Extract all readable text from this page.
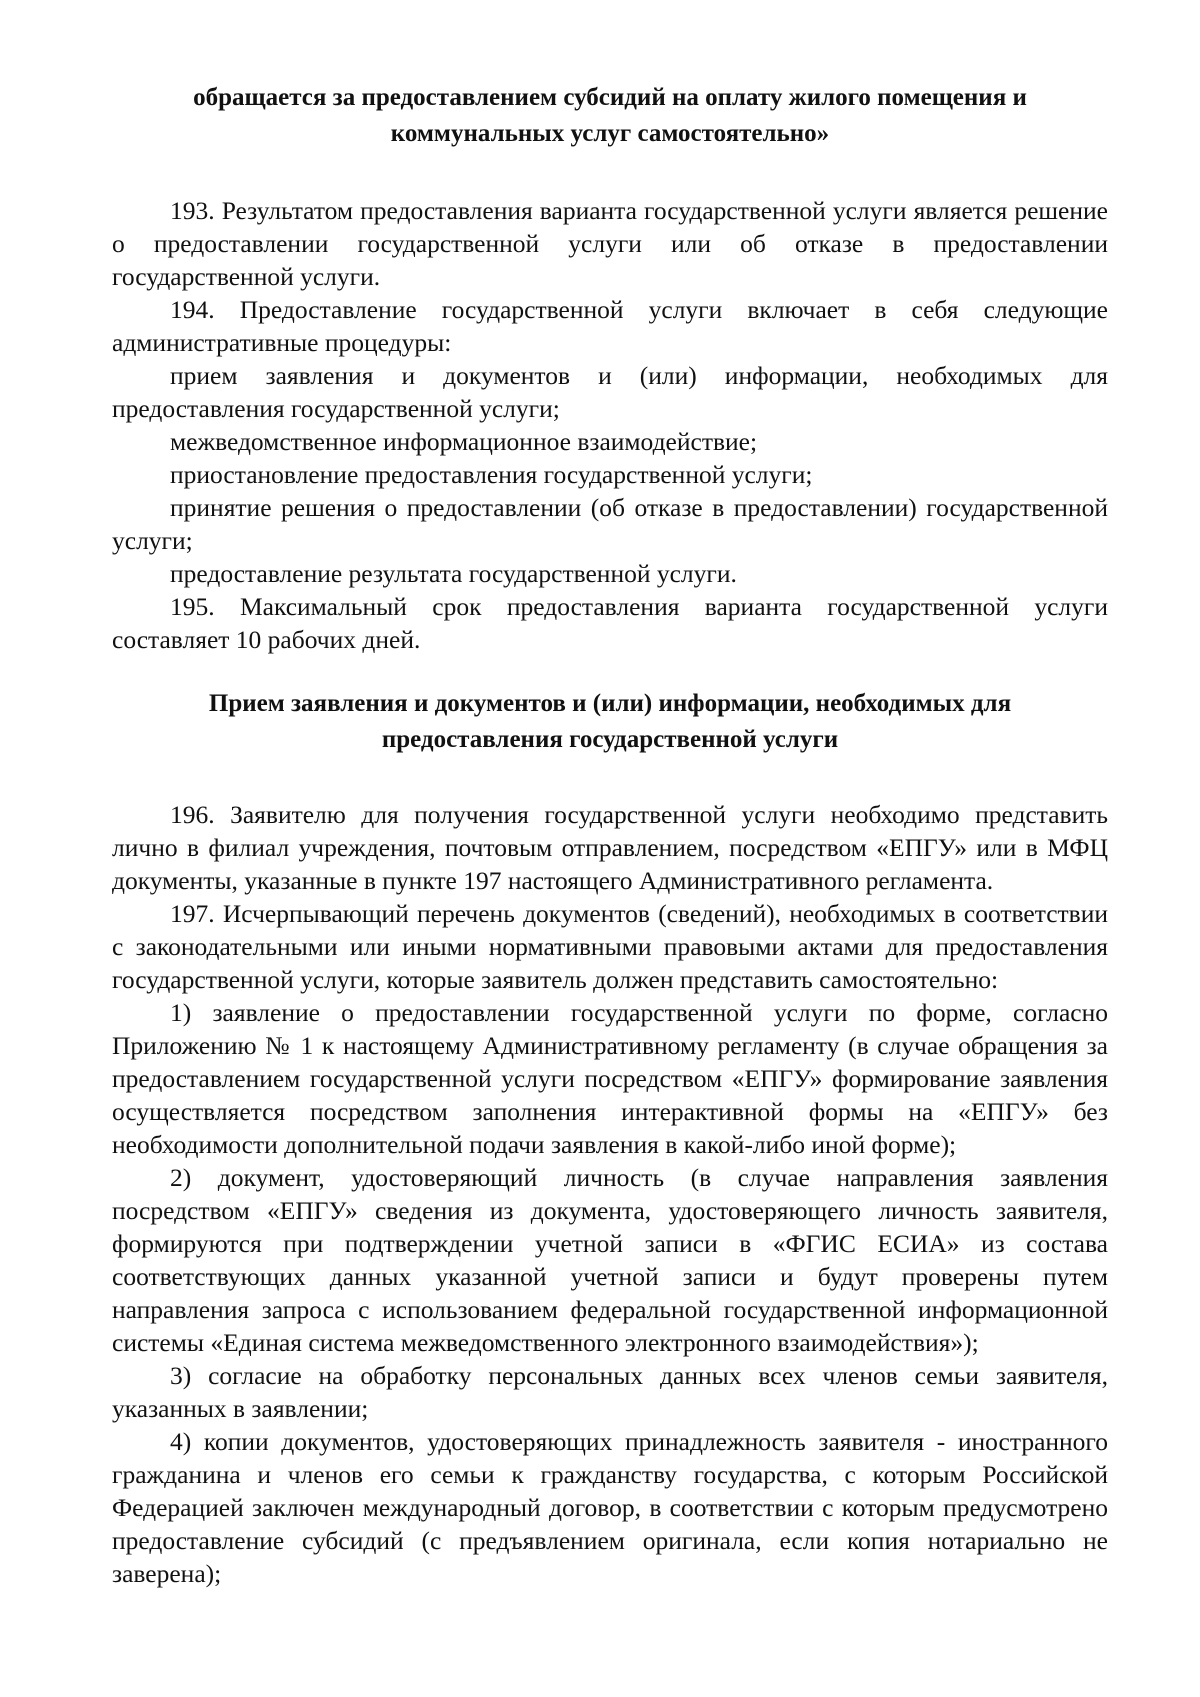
обращается за предоставлением субсидий на оплату жилого помещения и коммунальных услуг самостоятельно»

193. Результатом предоставления варианта государственной услуги является решение о предоставлении государственной услуги или об отказе в предоставлении государственной услуги.

194. Предоставление государственной услуги включает в себя следующие административные процедуры:

прием заявления и документов и (или) информации, необходимых для предоставления государственной услуги;

межведомственное информационное взаимодействие;

приостановление предоставления государственной услуги;

принятие решения о предоставлении (об отказе в предоставлении) государственной услуги;

предоставление результата государственной услуги.

195. Максимальный срок предоставления варианта государственной услуги составляет 10 рабочих дней.

Прием заявления и документов и (или) информации, необходимых для предоставления государственной услуги

196. Заявителю для получения государственной услуги необходимо представить лично в филиал учреждения, почтовым отправлением, посредством «ЕПГУ» или в МФЦ документы, указанные в пункте 197 настоящего Административного регламента.

197. Исчерпывающий перечень документов (сведений), необходимых в соответствии с законодательными или иными нормативными правовыми актами для предоставления государственной услуги, которые заявитель должен представить самостоятельно:

1) заявление о предоставлении государственной услуги по форме, согласно Приложению № 1 к настоящему Административному регламенту (в случае обращения за предоставлением государственной услуги посредством «ЕПГУ» формирование заявления осуществляется посредством заполнения интерактивной формы на «ЕПГУ» без необходимости дополнительной подачи заявления в какой-либо иной форме);

2) документ, удостоверяющий личность (в случае направления заявления посредством «ЕПГУ» сведения из документа, удостоверяющего личность заявителя, формируются при подтверждении учетной записи в «ФГИС ЕСИА» из состава соответствующих данных указанной учетной записи и будут проверены путем направления запроса с использованием федеральной государственной информационной системы «Единая система межведомственного электронного взаимодействия»);

3) согласие на обработку персональных данных всех членов семьи заявителя, указанных в заявлении;

4) копии документов, удостоверяющих принадлежность заявителя - иностранного гражданина и членов его семьи к гражданству государства, с которым Российской Федерацией заключен международный договор, в соответствии с которым предусмотрено предоставление субсидий (с предъявлением оригинала, если копия нотариально не заверена);
